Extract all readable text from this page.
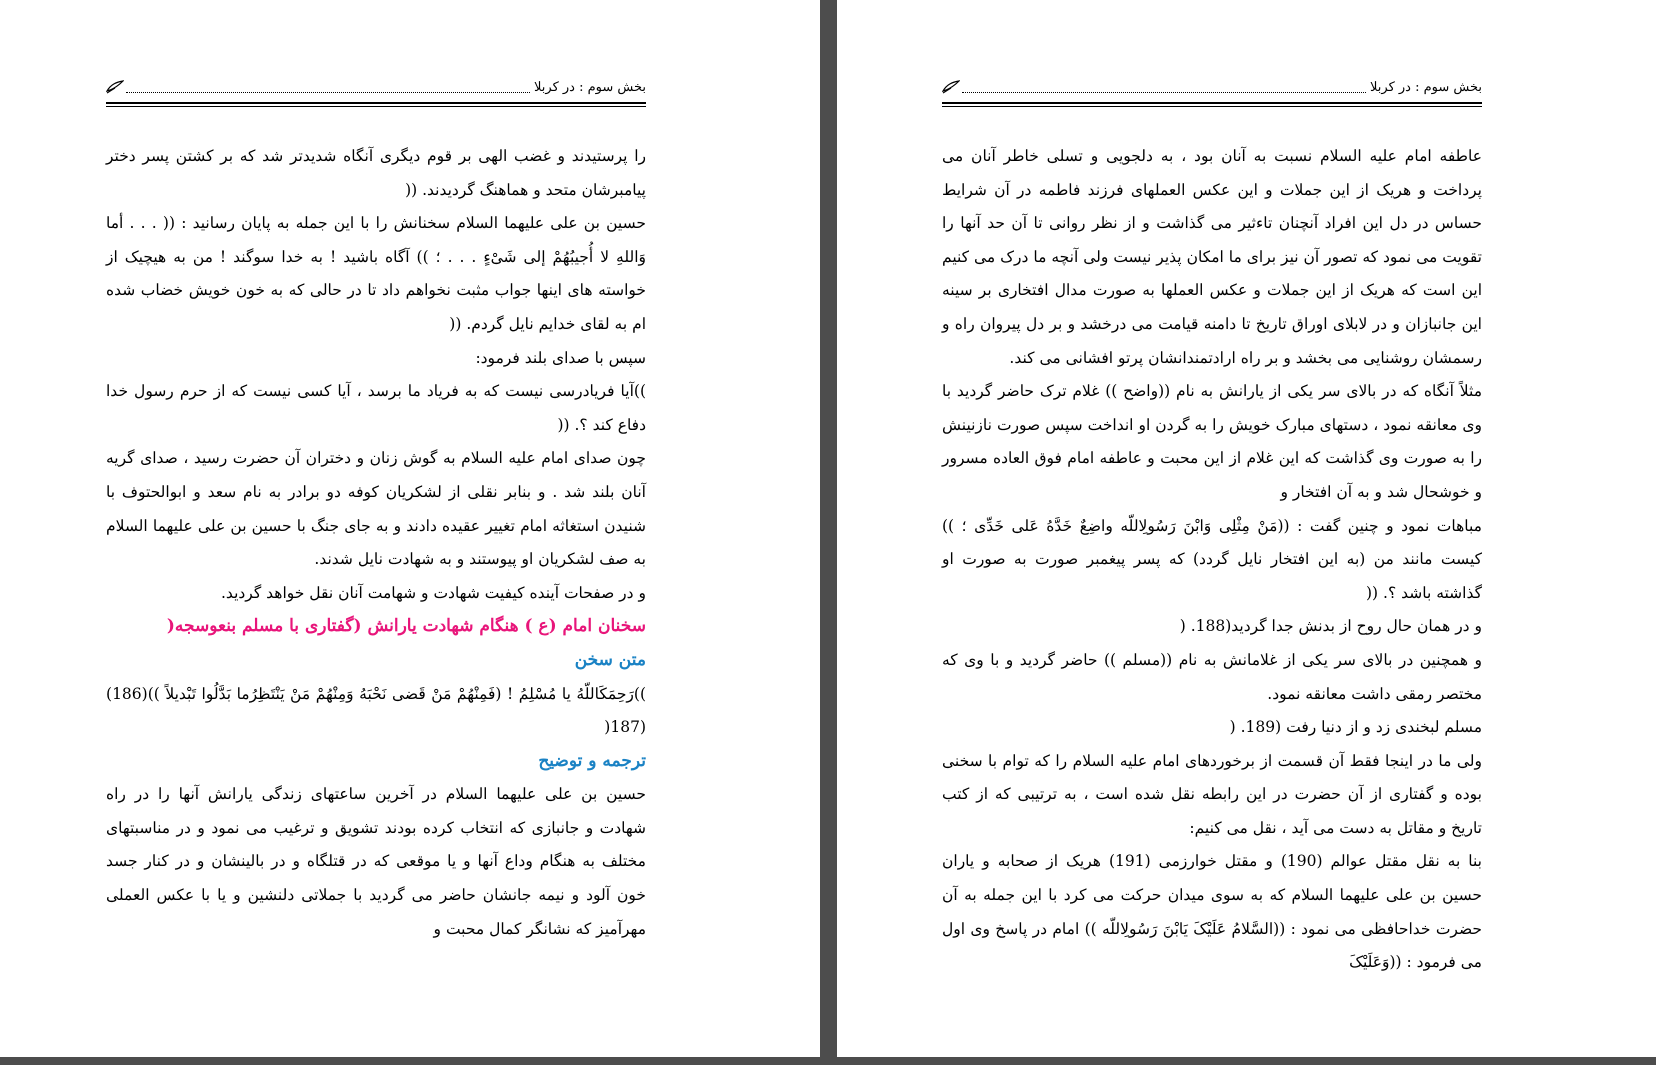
بخش سوم : در کربلا

را پرستیدند و غضب الهی بر قوم دیگری آنگاه شدیدتر شد که بر کشتن پسر دختر پیامبرشان متحد و هماهنگ گردیدند. ((

حسین بن علی علیهما السلام سخنانش را با این جمله به پایان رسانید : (( . . . أما وَاللهِ لا أُجیبُهُمْ إلی شَیْءٍ . . . ؛ )) آگاه باشید ! به خدا سوگند ! من به هیچیک از خواسته های اینها جواب مثبت نخواهم داد تا در حالی که به خون خویش خضاب شده ام به لقای خدایم نایل گردم. ((

سپس با صدای بلند فرمود:

))آیا فریادرسی نیست که به فریاد ما برسد ، آیا کسی نیست که از حرم رسول خدا دفاع کند ؟. ((

چون صدای امام علیه السلام به گوش زنان و دختران آن حضرت رسید ، صدای گریه آنان بلند شد . و بنابر نقلی از لشکریان کوفه دو برادر به نام سعد و ابوالحتوف با شنیدن استغاثه امام تغییر عقیده دادند و به جای جنگ با حسین بن علی علیهما السلام به صف لشکریان او پیوستند و به شهادت نایل شدند.

و در صفحات آینده کیفیت شهادت و شهامت آنان نقل خواهد گردید.

سخنان امام (ع ) هنگام شهادت یارانش (گفتاری با مسلم بنعوسجه(

متن سخن

))رَحِمَکَاللّهُ یا مُسْلِمُ ! (فَمِنْهُمْ مَنْ قَضی نَحْبَهُ وَمِنْهُمْ مَنْ یَنْتَظِرُما بَدَّلُوا تَبْدیلاً ))(186)(187(

ترجمه و توضیح

حسین بن علی علیهما السلام در آخرین ساعتهای زندگی یارانش آنها را در راه شهادت و جانبازی که انتخاب کرده بودند تشویق و ترغیب می نمود و در مناسبتهای مختلف به هنگام وداع آنها و یا موقعی که در قتلگاه و در بالینشان و در کنار جسد خون آلود و نیمه جانشان حاضر می گردید با جملاتی دلنشین و یا با عکس العملی مهرآمیز که نشانگر کمال محبت و

بخش سوم : در کربلا

عاطفه امام علیه السلام نسبت به آنان بود ، به دلجویی و تسلی خاطر آنان می پرداخت و هریک از این جملات و این عکس العملهای فرزند فاطمه در آن شرایط حساس در دل این افراد آنچنان تاءثیر می گذاشت و از نظر روانی تا آن حد آنها را تقویت می نمود که تصور آن نیز برای ما امکان پذیر نیست ولی آنچه ما درک می کنیم این است که هریک از این جملات و عکس العملها به صورت مدال افتخاری بر سینه این جانبازان و در لابلای اوراق تاریخ تا دامنه قیامت می درخشد و بر دل پیروان راه و رسمشان روشنایی می بخشد و بر راه ارادتمندانشان پرتو افشانی می کند.

مثلاً آنگاه که در بالای سر یکی از یارانش به نام ((واضح )) غلام ترک حاضر گردید با وی معانقه نمود ، دستهای مبارک خویش را به گردن او انداخت سپس صورت نازنینش را به صورت وی گذاشت که این غلام از این محبت و عاطفه امام فوق العاده مسرور و خوشحال شد و به آن افتخار و

مباهات نمود و چنین گفت : ((مَنْ مِثْلِی وَابْنَ رَسُولِاللّه واضِعٌ خَدَّهُ عَلی خَدِّی ؛ )) کیست مانند من (به این افتخار نایل گردد) که پسر پیغمبر صورت به صورت او گذاشته باشد ؟. ((

و در همان حال روح از بدنش جدا گردید(188. (

و همچنین در بالای سر یکی از غلامانش به نام ((مسلم )) حاضر گردید و با وی که مختصر رمقی داشت معانقه نمود.

مسلم لبخندی زد و از دنیا رفت (189. (

ولی ما در اینجا فقط آن قسمت از برخوردهای امام علیه السلام را که توام با سخنی بوده و گفتاری از آن حضرت در این رابطه نقل شده است ، به ترتیبی که از کتب تاریخ و مقاتل به دست می آید ، نقل می کنیم:

بنا به نقل مقتل عوالم (190) و مقتل خوارزمی (191) هریک از صحابه و یاران حسین بن علی علیهما السلام که به سوی میدان حرکت می کرد با این جمله به آن حضرت خداحافظی می نمود : ((السَّلامُ عَلَیْکَ یَابْنَ رَسُولِاللّه )) امام در پاسخ وی اول می فرمود : ((وَعَلَیْکَ
